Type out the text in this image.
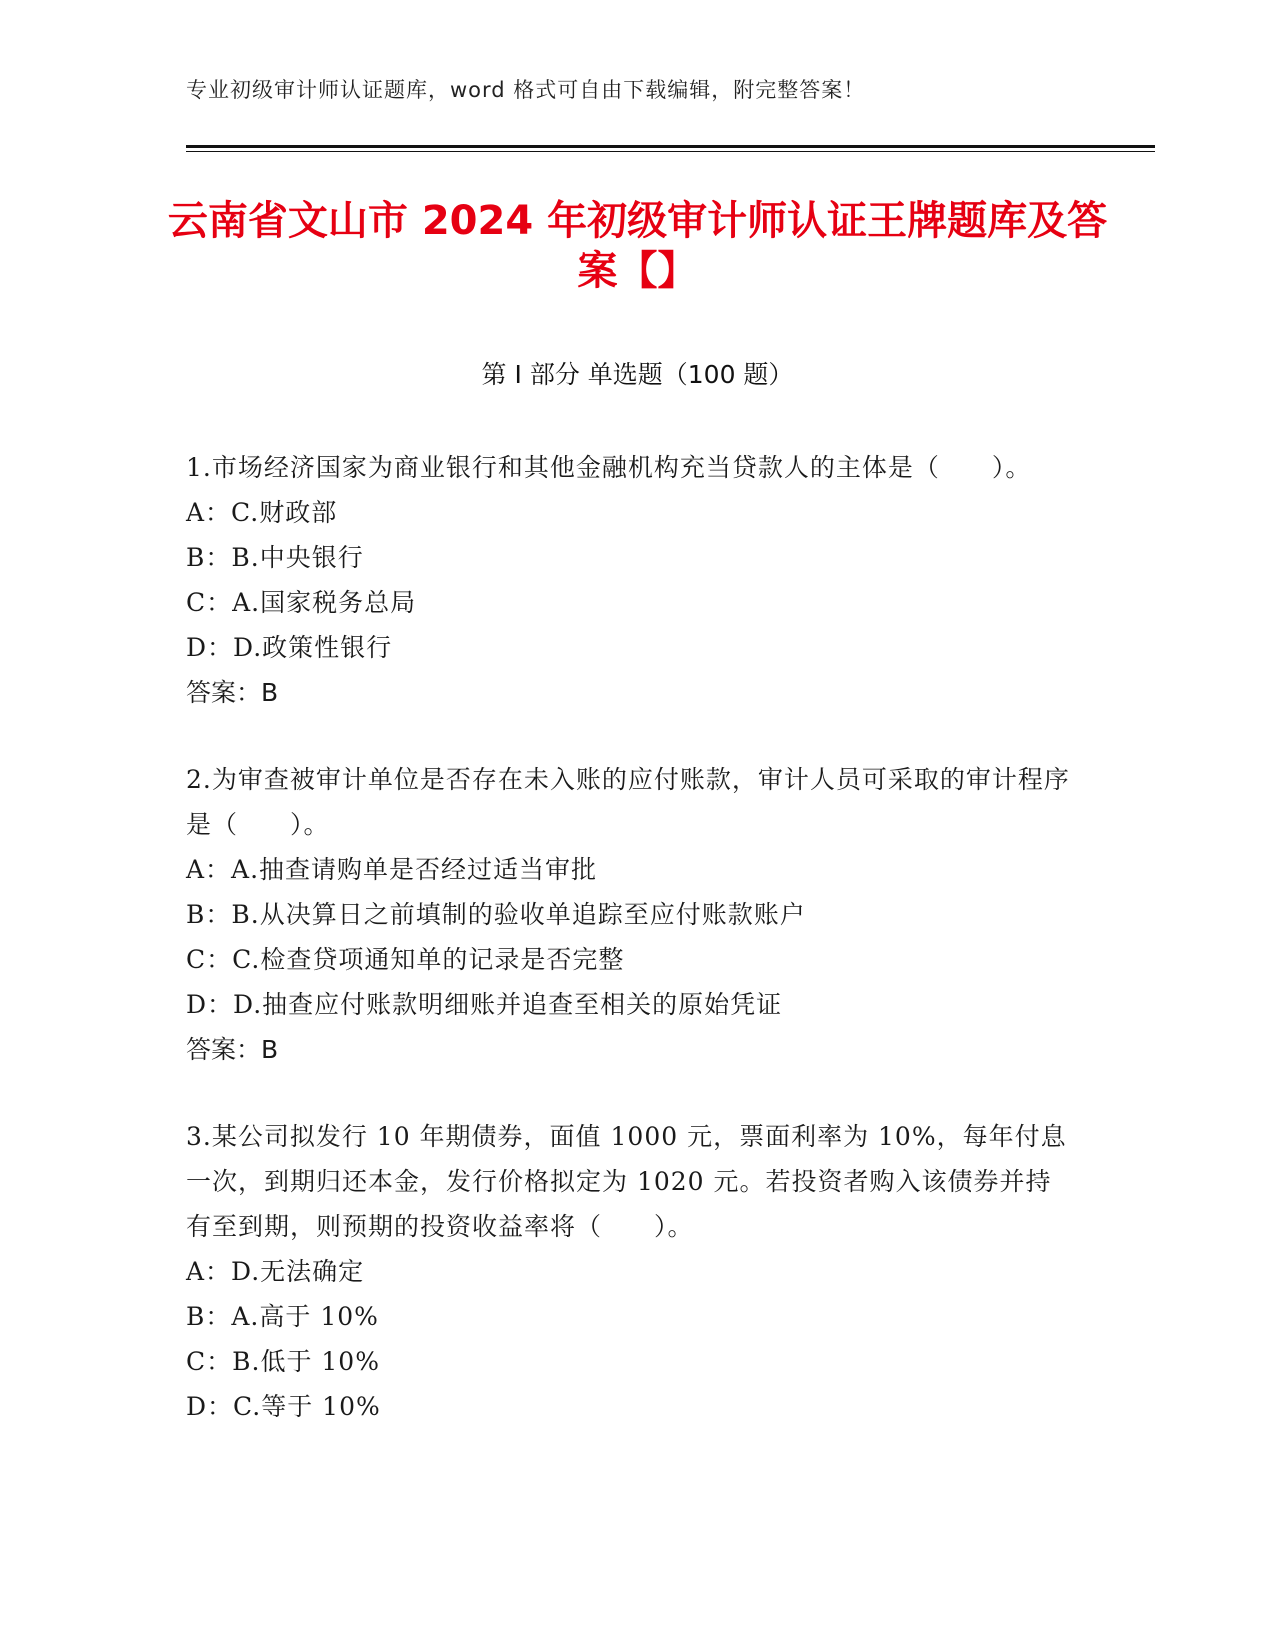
专业初级审计师认证题库，word 格式可自由下载编辑，附完整答案！
云南省文山市 2024 年初级审计师认证王牌题库及答案【】
第 I 部分 单选题（100 题）
1.市场经济国家为商业银行和其他金融机构充当贷款人的主体是（　　）。
A：C.财政部
B：B.中央银行
C：A.国家税务总局
D：D.政策性银行
答案：B
2.为审查被审计单位是否存在未入账的应付账款，审计人员可采取的审计程序是（　　）。
A：A.抽查请购单是否经过适当审批
B：B.从决算日之前填制的验收单追踪至应付账款账户
C：C.检查贷项通知单的记录是否完整
D：D.抽查应付账款明细账并追查至相关的原始凭证
答案：B
3.某公司拟发行 10 年期债券，面值 1000 元，票面利率为 10%，每年付息一次，到期归还本金，发行价格拟定为 1020 元。若投资者购入该债券并持有至到期，则预期的投资收益率将（　　）。
A：D.无法确定
B：A.高于 10%
C：B.低于 10%
D：C.等于 10%
